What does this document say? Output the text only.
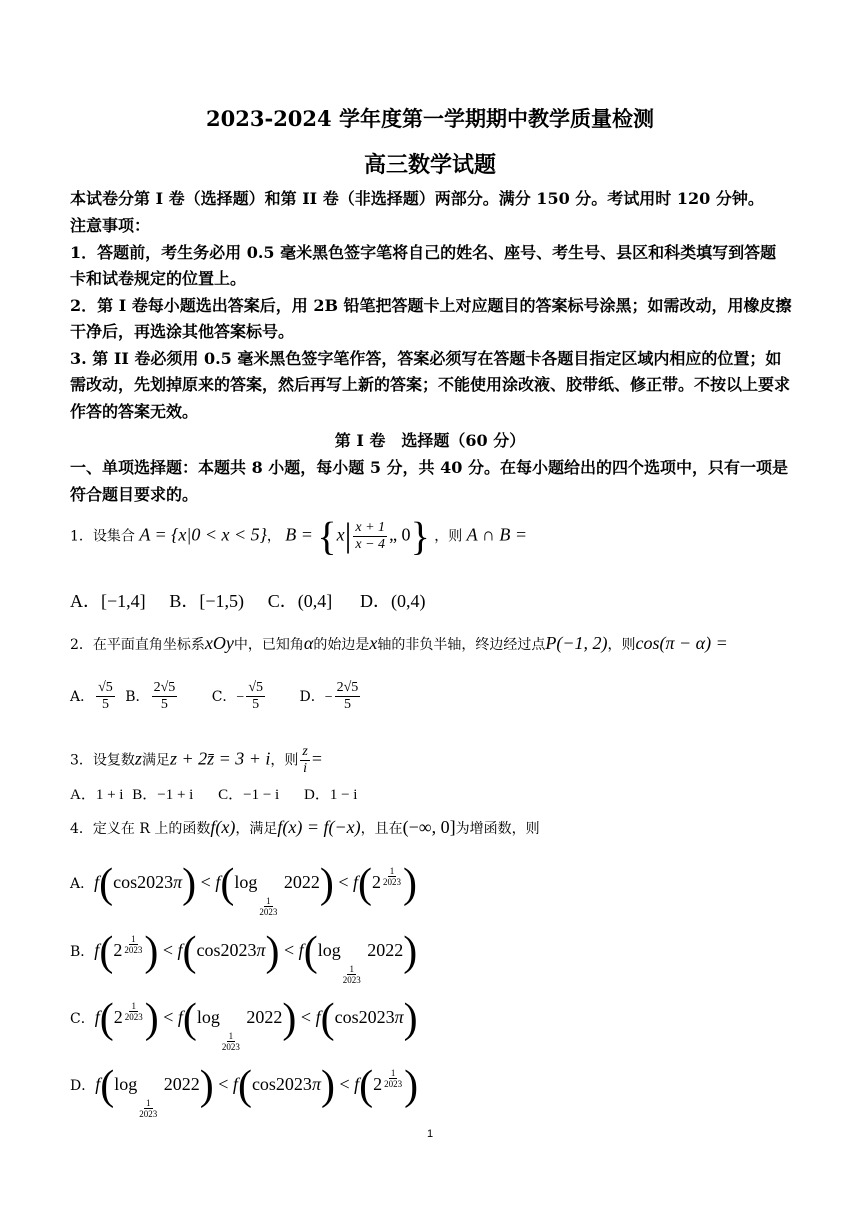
2023-2024 学年度第一学期期中教学质量检测
高三数学试题
本试卷分第 I 卷（选择题）和第 II 卷（非选择题）两部分。满分 150 分。考试用时 120 分钟。
注意事项：
1．答题前，考生务必用 0.5 毫米黑色签字笔将自己的姓名、座号、考生号、县区和科类填写到答题卡和试卷规定的位置上。
2．第 I 卷每小题选出答案后，用 2B 铅笔把答题卡上对应题目的答案标号涂黑；如需改动，用橡皮擦干净后，再选涂其他答案标号。
3. 第 II 卷必须用 0.5 毫米黑色签字笔作答，答案必须写在答题卡各题目指定区域内相应的位置；如需改动，先划掉原来的答案，然后再写上新的答案；不能使用涂改液、胶带纸、修正带。不按以上要求作答的答案无效。
第 I 卷　选择题（60 分）
一、单项选择题：本题共 8 小题，每小题 5 分，共 40 分。在每小题给出的四个选项中，只有一项是符合题目要求的。
1．设集合 A = {x|0 < x < 5}， $B = \{x| \frac{x + 1}{x - 4}$ „ 0} ，则 A ∩ B =
A．[−1,4] B．[−1,5) C．(0,4] D．(0,4)
2．在平面直角坐标系xOy中，已知角α的始边是x轴的非负半轴，终边经过点P(−1, 2)，则cos(π − α) =
A． $\frac{√5}{5}$ B． $\frac{2√5}{5}$ C．− $\frac{√5}{5}$ D．− $\frac{2√5}{5}$
3．设复数z满足z + 2z̄ = 3 + i，则 $\frac{z}{i}$ =
A．1 + i B．−1 + i C．−1 − i D．1 − i
4．定义在 R 上的函数f(x)，满足f(x) = f(−x)，且在(−∞, 0]为增函数，则
A．f(cos2023π) < f(log
$\frac{1}{2023}$
$2022) < f(2 \frac{1}{2023}$ )
B．$f(2 \frac{1}{2023}$ ) < f(cos2023π) < f(log
$\frac{1}{2023}$
2022)
C．$f(2 \frac{1}{2023}$ ) < f(log
$\frac{1}{2023}$
2022) < f(cos2023π)
D．f(log
$\frac{1}{2023}$
$2022) < f(\cos 2023\pi) < f(2 \frac{1}{2023}$ )
1
